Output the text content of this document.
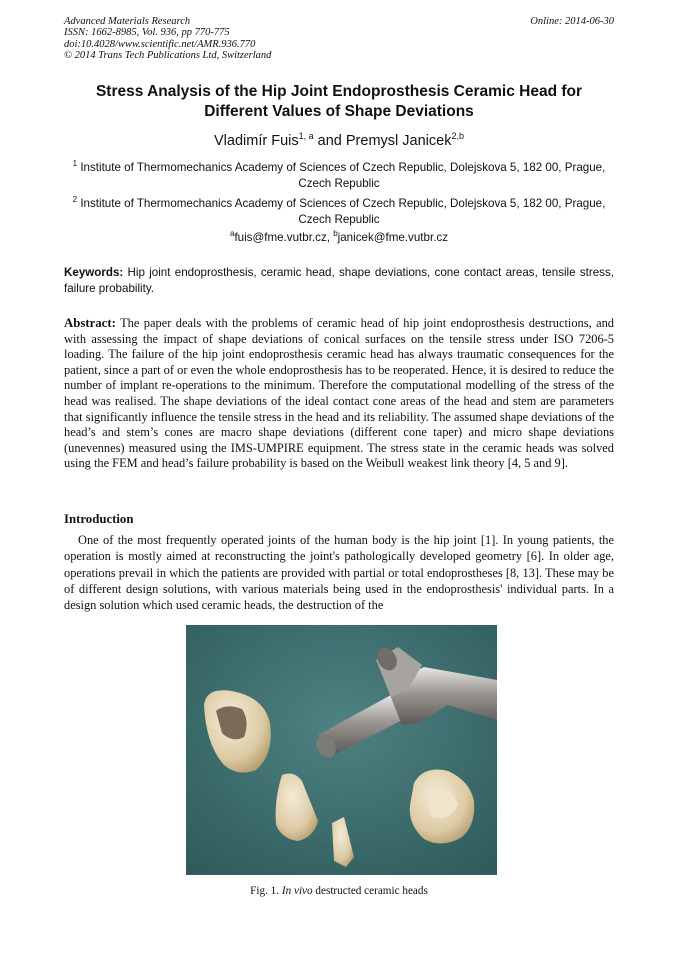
Advanced Materials Research
ISSN: 1662-8985, Vol. 936, pp 770-775
doi:10.4028/www.scientific.net/AMR.936.770
© 2014 Trans Tech Publications Ltd, Switzerland
Online: 2014-06-30
Stress Analysis of the Hip Joint Endoprosthesis Ceramic Head for
Different Values of Shape Deviations
Vladimír Fuis$^{1, a}$ and Premysl Janicek$^{2,b}$
$^1$ Institute of Thermomechanics Academy of Sciences of Czech Republic, Dolejskova 5, 182 00, Prague, Czech Republic
$^2$ Institute of Thermomechanics Academy of Sciences of Czech Republic, Dolejskova 5, 182 00, Prague, Czech Republic
$^a$fuis@fme.vutbr.cz, $^b$janicek@fme.vutbr.cz
Keywords: Hip joint endoprosthesis, ceramic head, shape deviations, cone contact areas, tensile stress, failure probability.
Abstract: The paper deals with the problems of ceramic head of hip joint endoprosthesis destructions, and with assessing the impact of shape deviations of conical surfaces on the tensile stress under ISO 7206-5 loading. The failure of the hip joint endoprosthesis ceramic head has always traumatic consequences for the patient, since a part of or even the whole endoprosthesis has to be reoperated. Hence, it is desired to reduce the number of implant re-operations to the minimum. Therefore the computational modelling of the stress of the head was realised. The shape deviations of the ideal contact cone areas of the head and stem are parameters that significantly influence the tensile stress in the head and its reliability. The assumed shape deviations of the head’s and stem’s cones are macro shape deviations (different cone taper) and micro shape deviations (unevennes) measured using the IMS-UMPIRE equipment. The stress state in the ceramic heads was solved using the FEM and head’s failure probability is based on the Weibull weakest link theory [4, 5 and 9].
Introduction
One of the most frequently operated joints of the human body is the hip joint [1]. In young patients, the operation is mostly aimed at reconstructing the joint's pathologically developed geometry [6]. In older age, operations prevail in which the patients are provided with partial or total endoprostheses [8, 13]. These may be of different design solutions, with various materials being used in the endoprosthesis' individual parts. In a design solution which used ceramic heads, the destruction of the
Fig. 1. In vivo destructed ceramic heads
